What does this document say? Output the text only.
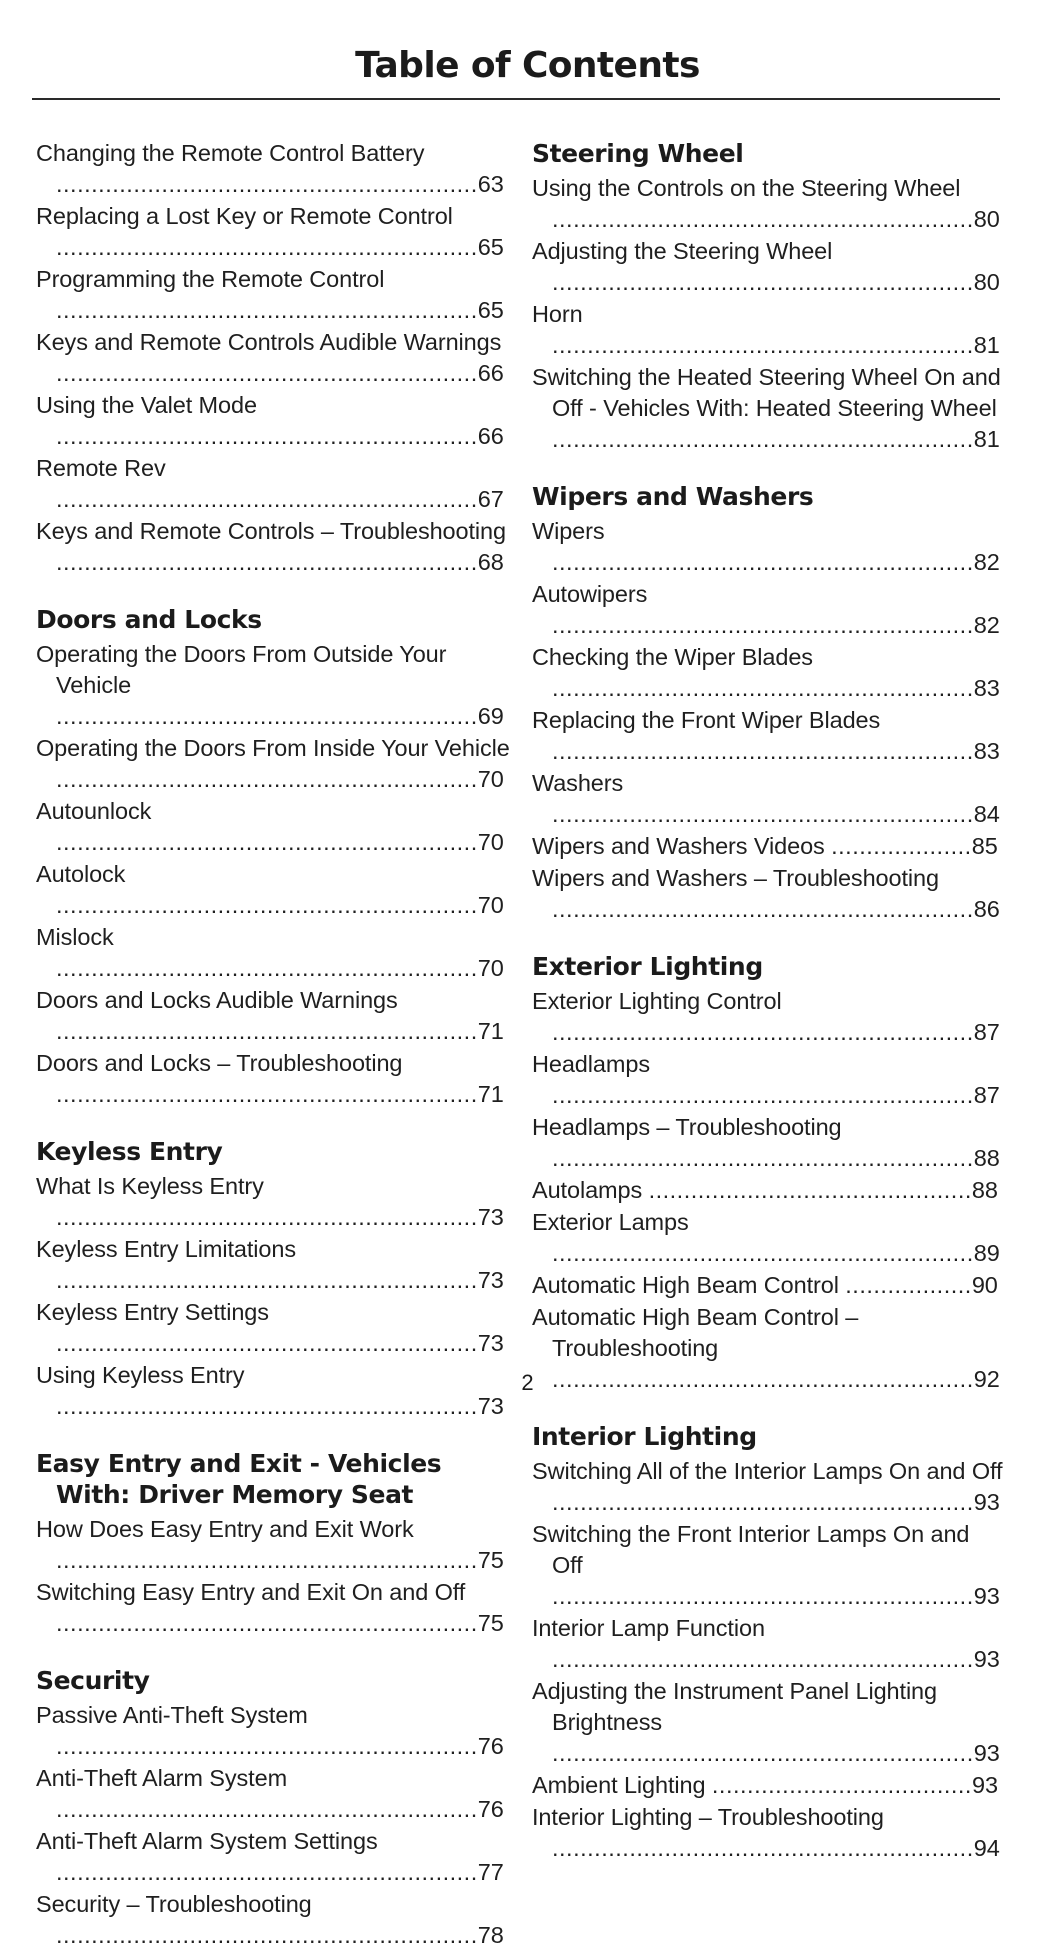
Table of Contents
Changing the Remote Control Battery ............................................................63
Replacing a Lost Key or Remote Control ............................................................65
Programming the Remote Control ............................................................65
Keys and Remote Controls Audible Warnings ............................................................66
Using the Valet Mode ............................................................66
Remote Rev ............................................................67
Keys and Remote Controls – Troubleshooting ............................................................68
Doors and Locks
Operating the Doors From Outside Your Vehicle ............................................................69
Operating the Doors From Inside Your Vehicle ............................................................70
Autounlock ............................................................70
Autolock ............................................................70
Mislock ............................................................70
Doors and Locks Audible Warnings ............................................................71
Doors and Locks – Troubleshooting ............................................................71
Keyless Entry
What Is Keyless Entry ............................................................73
Keyless Entry Limitations ............................................................73
Keyless Entry Settings ............................................................73
Using Keyless Entry ............................................................73
Easy Entry and Exit - Vehicles With: Driver Memory Seat
How Does Easy Entry and Exit Work ............................................................75
Switching Easy Entry and Exit On and Off ............................................................75
Security
Passive Anti-Theft System ............................................................76
Anti-Theft Alarm System ............................................................76
Anti-Theft Alarm System Settings ............................................................77
Security – Troubleshooting ............................................................78
Steering Wheel
Using the Controls on the Steering Wheel ............................................................80
Adjusting the Steering Wheel ............................................................80
Horn ............................................................81
Switching the Heated Steering Wheel On and Off - Vehicles With: Heated Steering Wheel ............................................................81
Wipers and Washers
Wipers ............................................................82
Autowipers ............................................................82
Checking the Wiper Blades ............................................................83
Replacing the Front Wiper Blades ............................................................83
Washers ............................................................84
Wipers and Washers Videos ....................85
Wipers and Washers – Troubleshooting ............................................................86
Exterior Lighting
Exterior Lighting Control ............................................................87
Headlamps ............................................................87
Headlamps – Troubleshooting ............................................................88
Autolamps ..............................................88
Exterior Lamps ............................................................89
Automatic High Beam Control ..................90
Automatic High Beam Control – Troubleshooting ............................................................92
Interior Lighting
Switching All of the Interior Lamps On and Off ............................................................93
Switching the Front Interior Lamps On and Off ............................................................93
Interior Lamp Function ............................................................93
Adjusting the Instrument Panel Lighting Brightness ............................................................93
Ambient Lighting .....................................93
Interior Lighting – Troubleshooting ............................................................94
2
